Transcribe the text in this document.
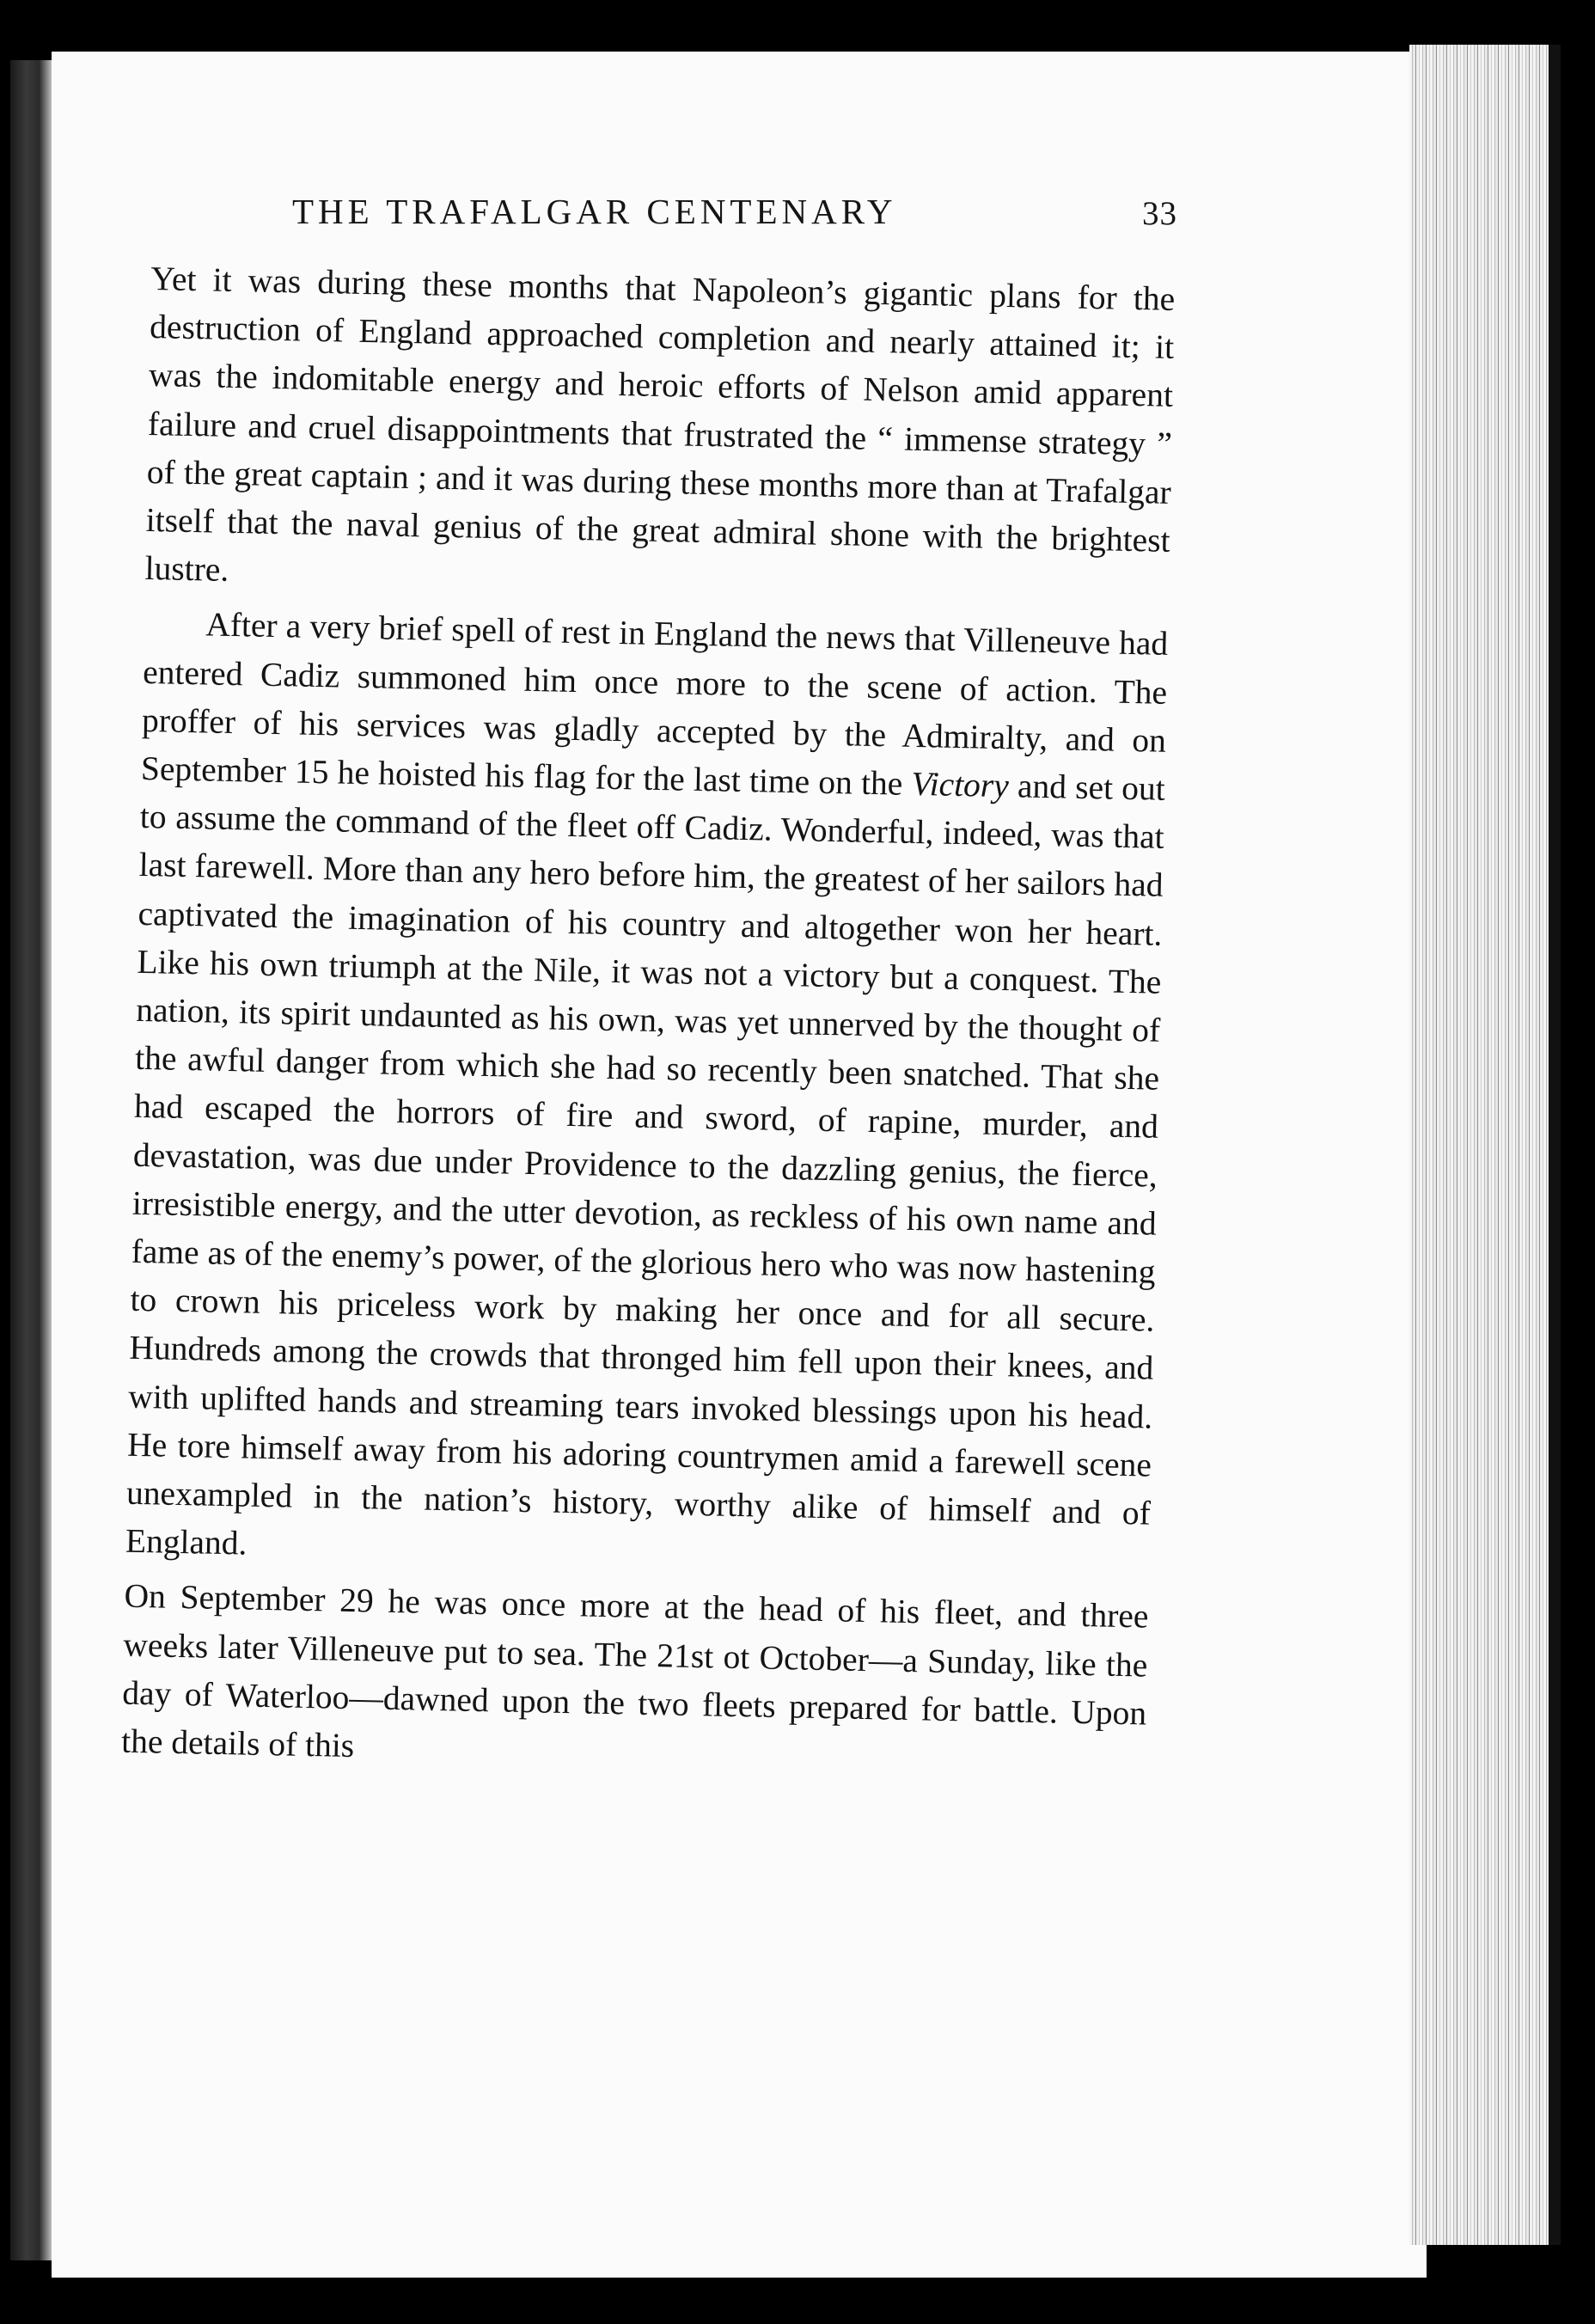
THE TRAFALGAR CENTENARY	33

Yet it was during these months that Napoleon’s gigantic plans for the destruction of England approached completion and nearly attained it; it was the indomitable energy and heroic efforts of Nelson amid apparent failure and cruel disappointments that frustrated the “ immense strategy ” of the great captain ; and it was during these months more than at Trafalgar itself that the naval genius of the great admiral shone with the brightest lustre.

After a very brief spell of rest in England the news that Villeneuve had entered Cadiz summoned him once more to the scene of action. The proffer of his services was gladly accepted by the Admiralty, and on September 15 he hoisted his flag for the last time on the Victory and set out to assume the command of the fleet off Cadiz. Wonderful, indeed, was that last farewell. More than any hero before him, the greatest of her sailors had captivated the imagination of his country and altogether won her heart. Like his own triumph at the Nile, it was not a victory but a conquest. The nation, its spirit undaunted as his own, was yet unnerved by the thought of the awful danger from which she had so recently been snatched. That she had escaped the horrors of fire and sword, of rapine, murder, and devastation, was due under Providence to the dazzling genius, the fierce, irresistible energy, and the utter devotion, as reckless of his own name and fame as of the enemy’s power, of the glorious hero who was now hastening to crown his priceless work by making her once and for all secure. Hundreds among the crowds that thronged him fell upon their knees, and with uplifted hands and streaming tears invoked blessings upon his head. He tore himself away from his adoring countrymen amid a farewell scene unexampled in the nation’s history, worthy alike of himself and of England.

On September 29 he was once more at the head of his fleet, and three weeks later Villeneuve put to sea. The 21st ot October—a Sunday, like the day of Waterloo—dawned upon the two fleets prepared for battle. Upon the details of this
